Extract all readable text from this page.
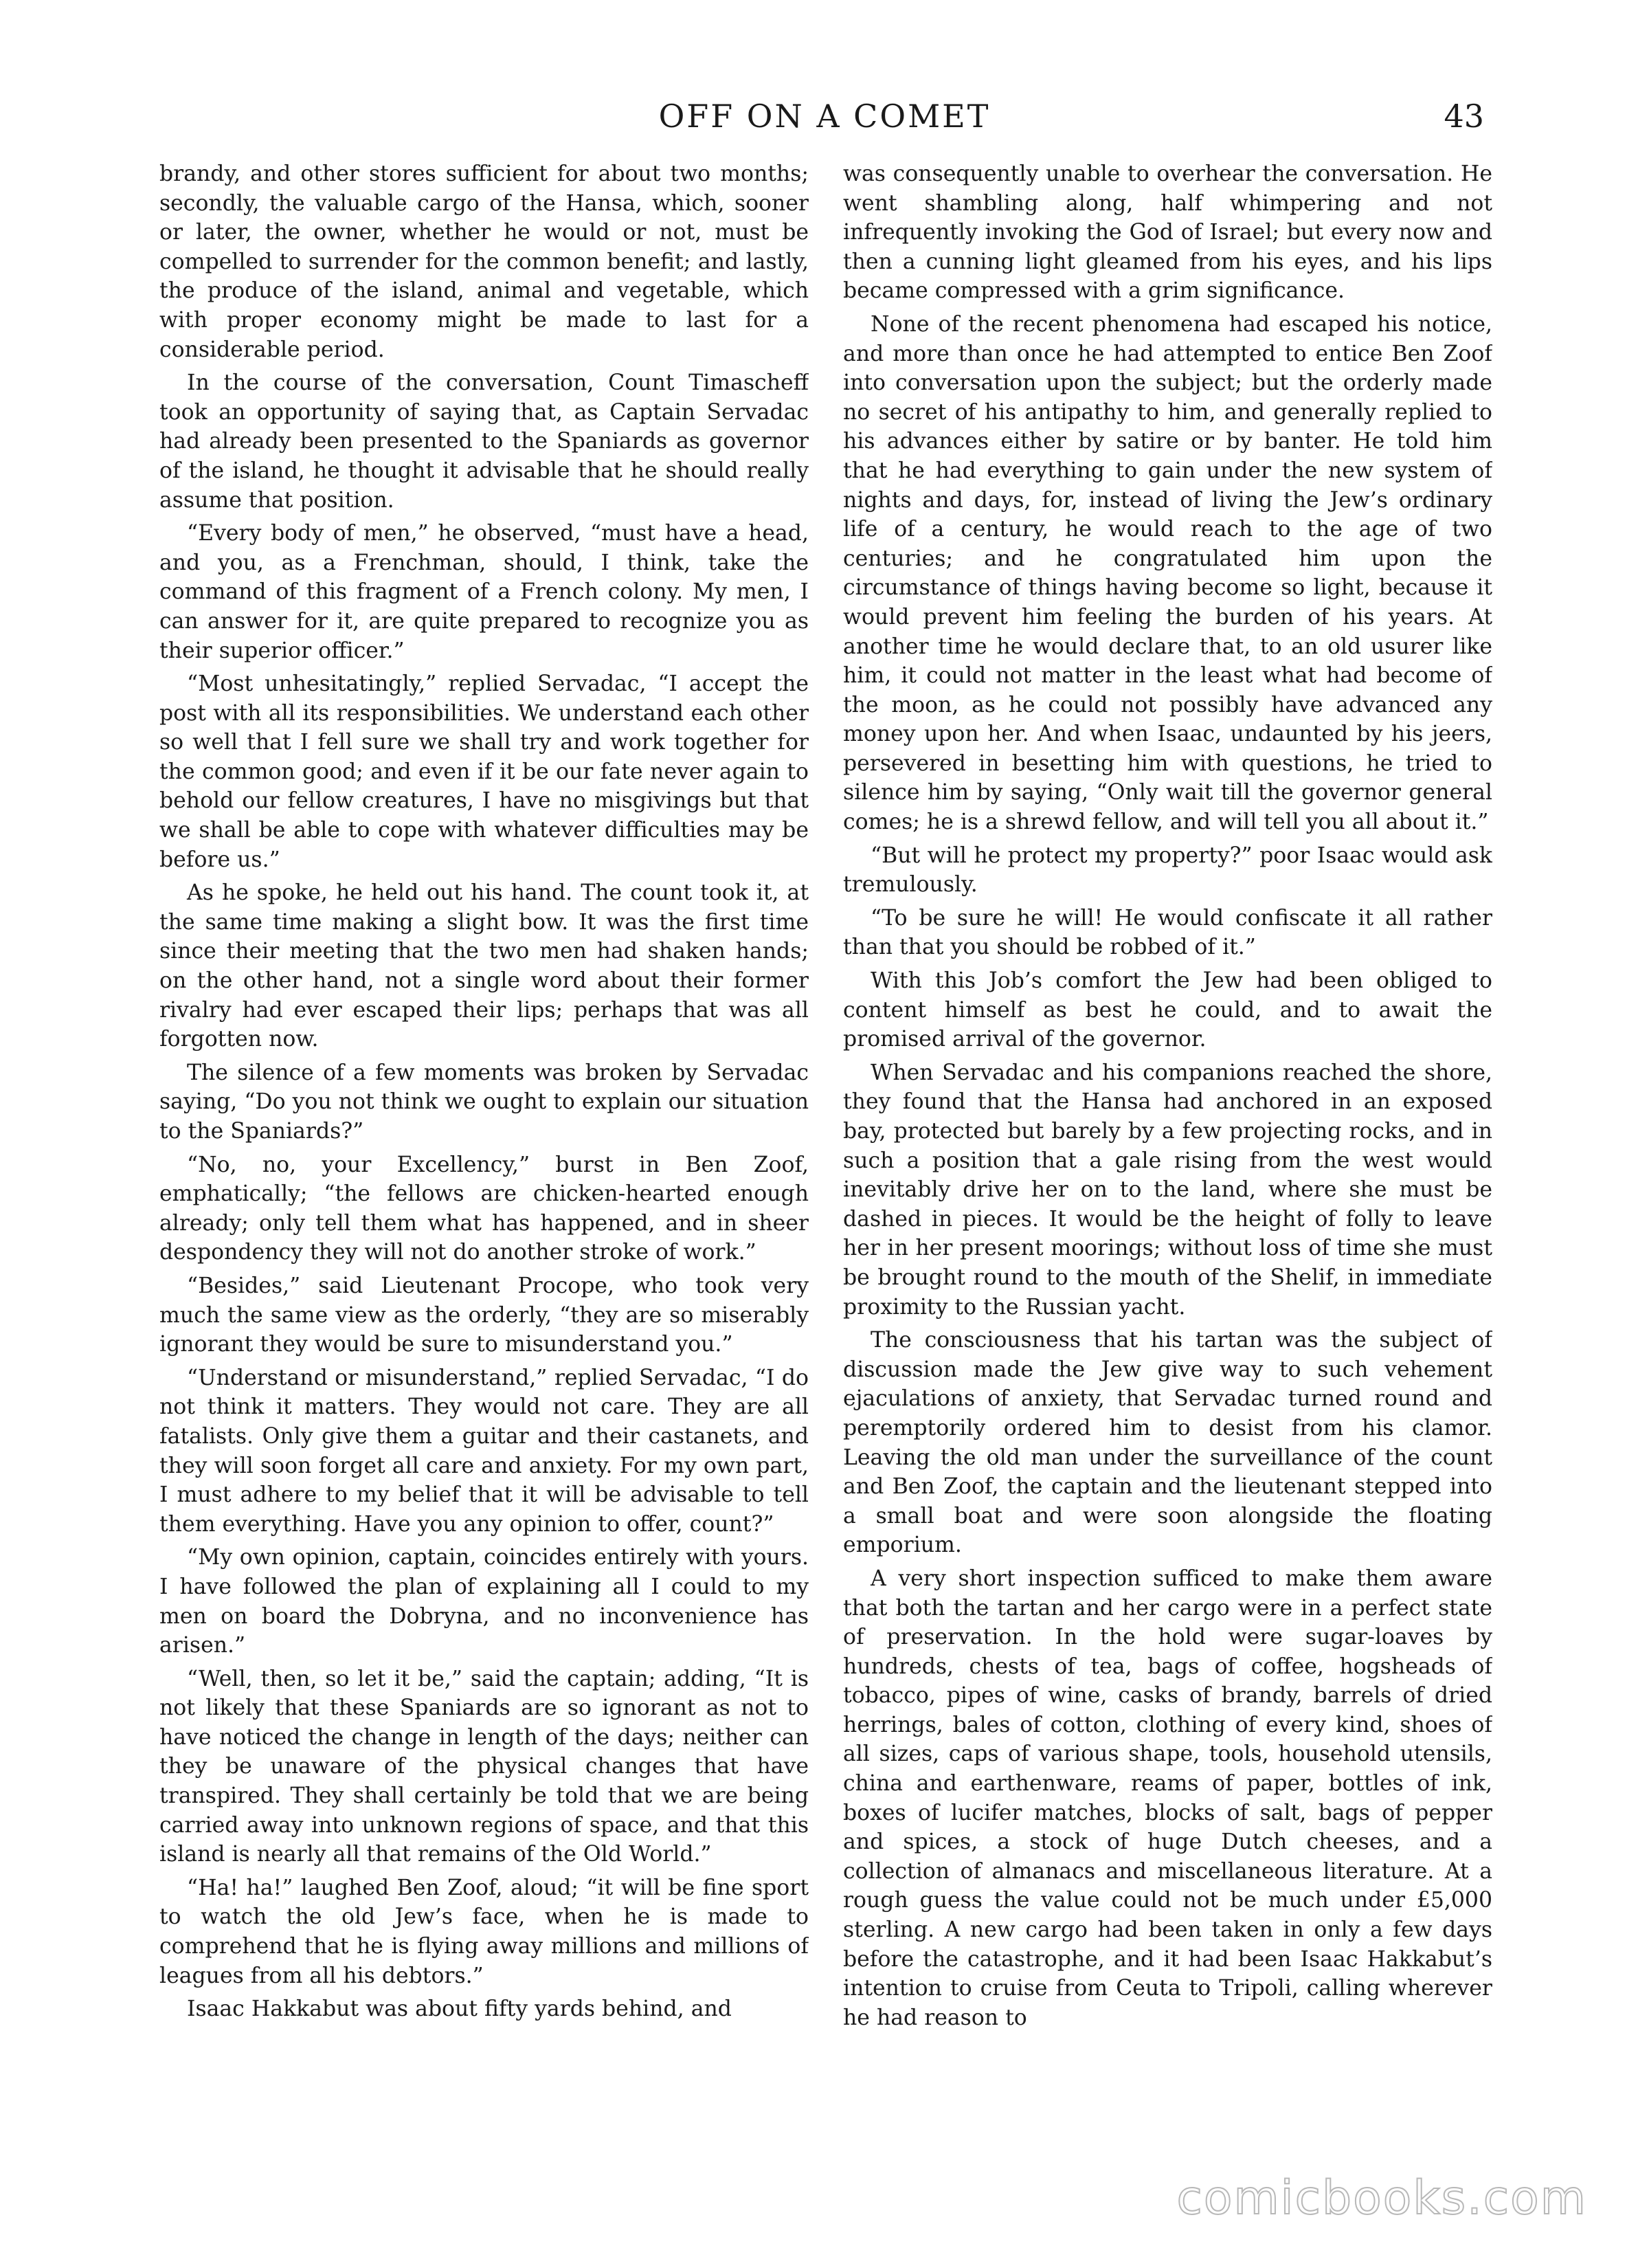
OFF ON A COMET	43

brandy, and other stores sufficient for about two months; secondly, the valuable cargo of the Hansa, which, sooner or later, the owner, whether he would or not, must be compelled to surrender for the common benefit; and lastly, the produce of the island, animal and vegetable, which with proper economy might be made to last for a considerable period.

In the course of the conversation, Count Timascheff took an opportunity of saying that, as Captain Servadac had already been presented to the Spaniards as governor of the island, he thought it advisable that he should really assume that position.

“Every body of men,” he observed, “must have a head, and you, as a Frenchman, should, I think, take the command of this fragment of a French colony. My men, I can answer for it, are quite prepared to recognize you as their superior officer.”

“Most unhesitatingly,” replied Servadac, “I accept the post with all its responsibilities. We understand each other so well that I fell sure we shall try and work together for the common good; and even if it be our fate never again to behold our fellow creatures, I have no misgivings but that we shall be able to cope with whatever difficulties may be before us.”

As he spoke, he held out his hand. The count took it, at the same time making a slight bow. It was the first time since their meeting that the two men had shaken hands; on the other hand, not a single word about their former rivalry had ever escaped their lips; perhaps that was all forgotten now.

The silence of a few moments was broken by Servadac saying, “Do you not think we ought to explain our situation to the Spaniards?”

“No, no, your Excellency,” burst in Ben Zoof, emphatically; “the fellows are chicken-hearted enough already; only tell them what has happened, and in sheer despondency they will not do another stroke of work.”

“Besides,” said Lieutenant Procope, who took very much the same view as the orderly, “they are so miserably ignorant they would be sure to misunderstand you.”

“Understand or misunderstand,” replied Servadac, “I do not think it matters. They would not care. They are all fatalists. Only give them a guitar and their castanets, and they will soon forget all care and anxiety. For my own part, I must adhere to my belief that it will be advisable to tell them everything. Have you any opinion to offer, count?”

“My own opinion, captain, coincides entirely with yours. I have followed the plan of explaining all I could to my men on board the Dobryna, and no inconvenience has arisen.”

“Well, then, so let it be,” said the captain; adding, “It is not likely that these Spaniards are so ignorant as not to have noticed the change in length of the days; neither can they be unaware of the physical changes that have transpired. They shall certainly be told that we are being carried away into unknown regions of space, and that this island is nearly all that remains of the Old World.”

“Ha! ha!” laughed Ben Zoof, aloud; “it will be fine sport to watch the old Jew’s face, when he is made to comprehend that he is flying away millions and millions of leagues from all his debtors.”

Isaac Hakkabut was about fifty yards behind, and

was consequently unable to overhear the conversation. He went shambling along, half whimpering and not infrequently invoking the God of Israel; but every now and then a cunning light gleamed from his eyes, and his lips became compressed with a grim significance.

None of the recent phenomena had escaped his notice, and more than once he had attempted to entice Ben Zoof into conversation upon the subject; but the orderly made no secret of his antipathy to him, and generally replied to his advances either by satire or by banter. He told him that he had everything to gain under the new system of nights and days, for, instead of living the Jew’s ordinary life of a century, he would reach to the age of two centuries; and he congratulated him upon the circumstance of things having become so light, because it would prevent him feeling the burden of his years. At another time he would declare that, to an old usurer like him, it could not matter in the least what had become of the moon, as he could not possibly have advanced any money upon her. And when Isaac, undaunted by his jeers, persevered in besetting him with questions, he tried to silence him by saying, “Only wait till the governor general comes; he is a shrewd fellow, and will tell you all about it.”

“But will he protect my property?” poor Isaac would ask tremulously.

“To be sure he will! He would confiscate it all rather than that you should be robbed of it.”

With this Job’s comfort the Jew had been obliged to content himself as best he could, and to await the promised arrival of the governor.

When Servadac and his companions reached the shore, they found that the Hansa had anchored in an exposed bay, protected but barely by a few projecting rocks, and in such a position that a gale rising from the west would inevitably drive her on to the land, where she must be dashed in pieces. It would be the height of folly to leave her in her present moorings; without loss of time she must be brought round to the mouth of the Shelif, in immediate proximity to the Russian yacht.

The consciousness that his tartan was the subject of discussion made the Jew give way to such vehement ejaculations of anxiety, that Servadac turned round and peremptorily ordered him to desist from his clamor. Leaving the old man under the surveillance of the count and Ben Zoof, the captain and the lieutenant stepped into a small boat and were soon alongside the floating emporium.

A very short inspection sufficed to make them aware that both the tartan and her cargo were in a perfect state of preservation. In the hold were sugar-loaves by hundreds, chests of tea, bags of coffee, hogsheads of tobacco, pipes of wine, casks of brandy, barrels of dried herrings, bales of cotton, clothing of every kind, shoes of all sizes, caps of various shape, tools, household utensils, china and earthenware, reams of paper, bottles of ink, boxes of lucifer matches, blocks of salt, bags of pepper and spices, a stock of huge Dutch cheeses, and a collection of almanacs and miscellaneous literature. At a rough guess the value could not be much under £5,000 sterling. A new cargo had been taken in only a few days before the catastrophe, and it had been Isaac Hakkabut’s intention to cruise from Ceuta to Tripoli, calling wherever he had reason to

comicbooks.com
